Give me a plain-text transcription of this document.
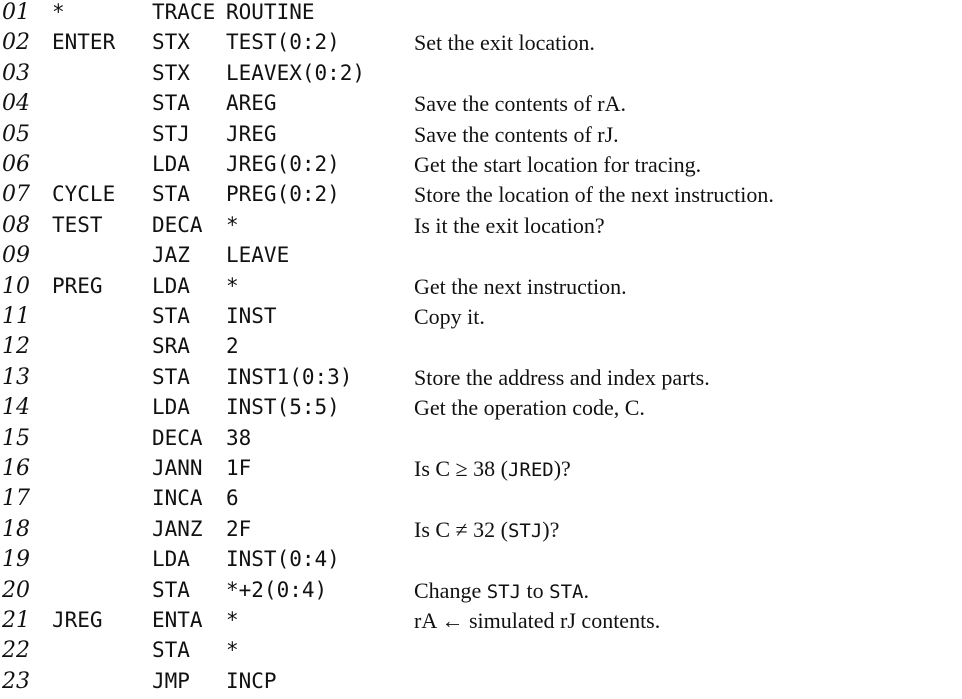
01 *	TRACE ROUTINE
02 ENTER STX TEST(0:2)	Set the exit location.
03	STX LEAVEX(0:2)
04	STA AREG	Save the contents of rA.
05	STJ JREG	Save the contents of rJ.
06	LDA JREG(0:2)	Get the start location for tracing.
07 CYCLE STA PREG(0:2)	Store the location of the next instruction.
08 TEST DECA *	Is it the exit location?
09	JAZ LEAVE
10 PREG LDA *	Get the next instruction.
11	STA INST	Copy it.
12	SRA 2
13	STA INST1(0:3)	Store the address and index parts.
14	LDA INST(5:5)	Get the operation code, C.
15	DECA 38
16	JANN 1F	Is C ≥ 38 (JRED)?
17	INCA 6
18	JANZ 2F	Is C ≠ 32 (STJ)?
19	LDA INST(0:4)
20	STA *+2(0:4)	Change STJ to STA.
21 JREG ENTA *	rA ← simulated rJ contents.
22	STA *
23	JMP INCP
